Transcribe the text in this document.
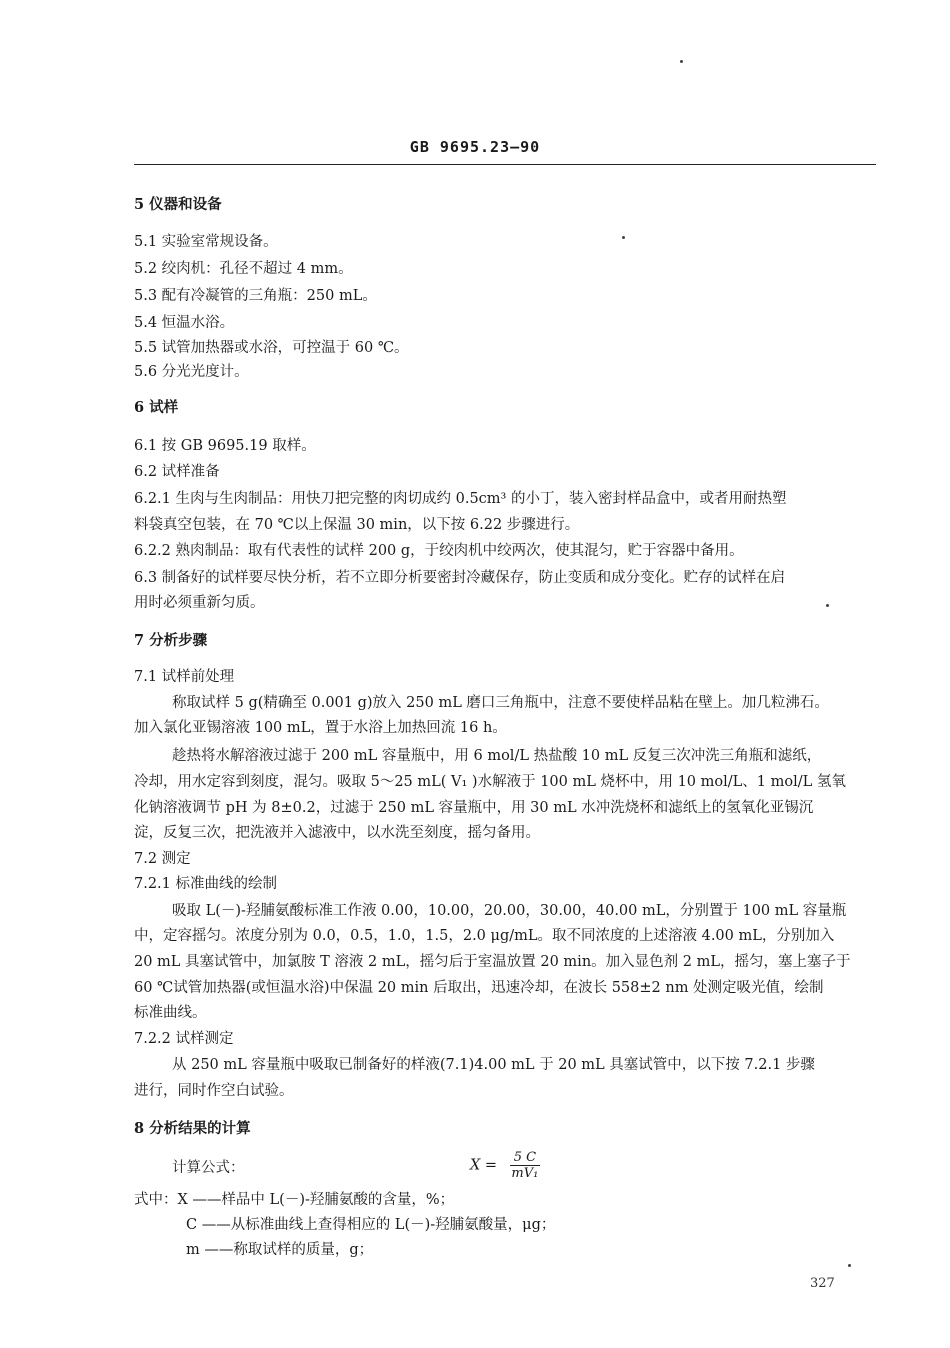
GB 9695.23—90
5 仪器和设备
5.1 实验室常规设备。
5.2 绞肉机：孔径不超过 4 mm。
5.3 配有冷凝管的三角瓶：250 mL。
5.4 恒温水浴。
5.5 试管加热器或水浴，可控温于 60 ℃。
5.6 分光光度计。
6 试样
6.1 按 GB 9695.19 取样。
6.2 试样准备
6.2.1 生肉与生肉制品：用快刀把完整的肉切成约 0.5cm³ 的小丁，装入密封样品盒中，或者用耐热塑
料袋真空包装，在 70 ℃以上保温 30 min，以下按 6.22 步骤进行。
6.2.2 熟肉制品：取有代表性的试样 200 g，于绞肉机中绞两次，使其混匀，贮于容器中备用。
6.3 制备好的试样要尽快分析，若不立即分析要密封冷藏保存，防止变质和成分变化。贮存的试样在启
用时必须重新匀质。
7 分析步骤
7.1 试样前处理
称取试样 5 g(精确至 0.001 g)放入 250 mL 磨口三角瓶中，注意不要使样品粘在壁上。加几粒沸石。
加入氯化亚锡溶液 100 mL，置于水浴上加热回流 16 h。
趁热将水解溶液过滤于 200 mL 容量瓶中，用 6 mol/L 热盐酸 10 mL 反复三次冲洗三角瓶和滤纸，
冷却，用水定容到刻度，混匀。吸取 5～25 mL( V₁ )水解液于 100 mL 烧杯中，用 10 mol/L、1 mol/L 氢氧
化钠溶液调节 pH 为 8±0.2，过滤于 250 mL 容量瓶中，用 30 mL 水冲洗烧杯和滤纸上的氢氧化亚锡沉
淀，反复三次，把洗液并入滤液中，以水洗至刻度，摇匀备用。
7.2 测定
7.2.1 标准曲线的绘制
吸取 L(－)-羟脯氨酸标准工作液 0.00，10.00，20.00，30.00，40.00 mL，分别置于 100 mL 容量瓶
中，定容摇匀。浓度分别为 0.0，0.5，1.0，1.5，2.0 μg/mL。取不同浓度的上述溶液 4.00 mL，分别加入
20 mL 具塞试管中，加氯胺 T 溶液 2 mL，摇匀后于室温放置 20 min。加入显色剂 2 mL，摇匀，塞上塞子于
60 ℃试管加热器(或恒温水浴)中保温 20 min 后取出，迅速冷却，在波长 558±2 nm 处测定吸光值，绘制
标准曲线。
7.2.2 试样测定
从 250 mL 容量瓶中吸取已制备好的样液(7.1)4.00 mL 于 20 mL 具塞试管中，以下按 7.2.1 步骤
进行，同时作空白试验。
8 分析结果的计算
计算公式：	$X = \frac{5 C}{\text{mV₁}}$
式中：X ——样品中 L(－)-羟脯氨酸的含量，%；
C ——从标准曲线上查得相应的 L(－)-羟脯氨酸量，μg；
m ——称取试样的质量，g；
327
